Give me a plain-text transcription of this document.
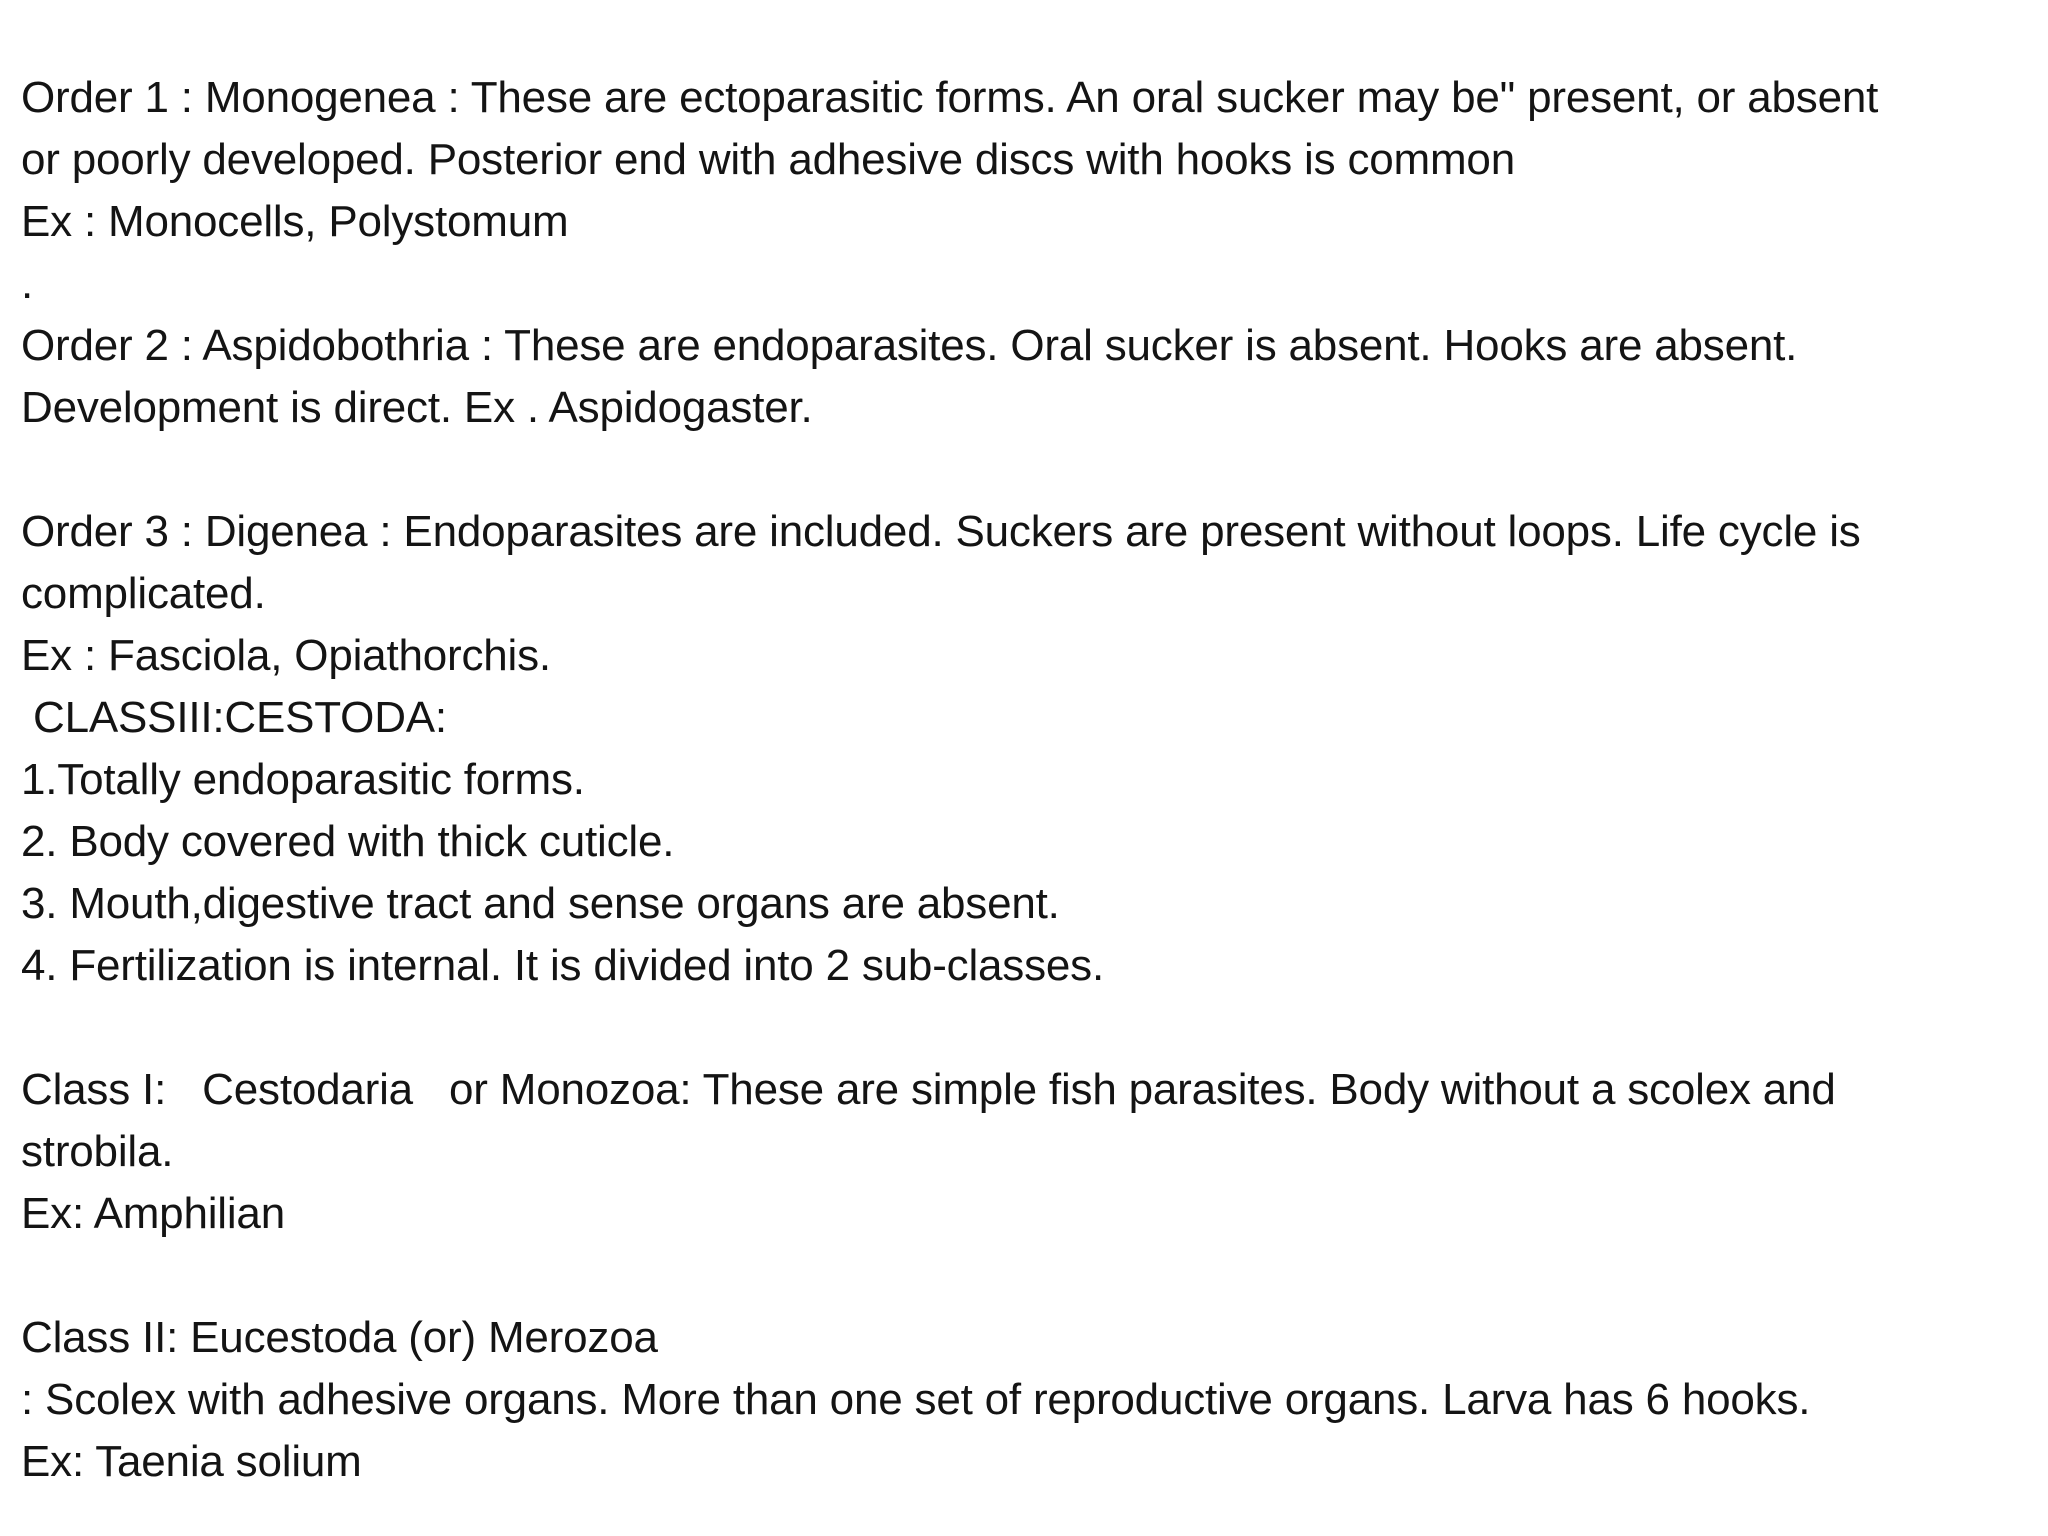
Order 1 : Monogenea : These are ectoparasitic forms. An oral sucker may be" present, or absent
or poorly developed. Posterior end with adhesive discs with hooks is common
Ex : Monocells, Polystomum
.
Order 2 : Aspidobothria : These are endoparasites. Oral sucker is absent. Hooks are absent.
Development is direct. Ex . Aspidogaster.
Order 3 : Digenea : Endoparasites are included. Suckers are present without loops. Life cycle is
complicated.
Ex : Fasciola, Opiathorchis.
CLASSIII:CESTODA:
1.Totally endoparasitic forms.
2. Body covered with thick cuticle.
3. Mouth,digestive tract and sense organs are absent.
4. Fertilization is internal. It is divided into 2 sub-classes.
Class I:   Cestodaria   or Monozoa: These are simple fish parasites. Body without a scolex and
strobila.
Ex: Amphilian
Class II: Eucestoda (or) Merozoa
: Scolex with adhesive organs. More than one set of reproductive organs. Larva has 6 hooks.
Ex: Taenia solium
